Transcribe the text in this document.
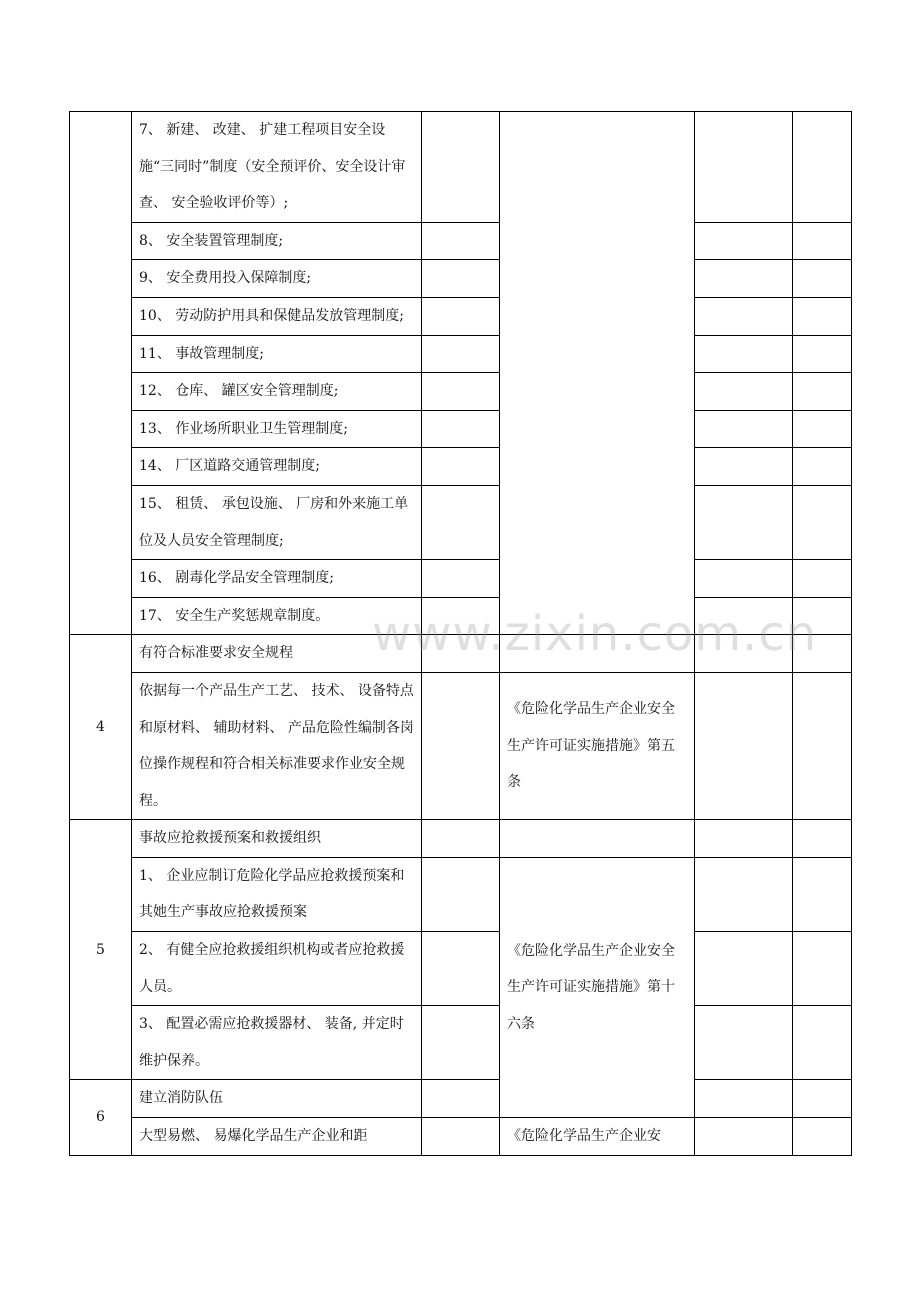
	7、 新建、 改建、 扩建工程项目安全设施“三同时”制度（安全预评价、安全设计审查、 安全验收评价等）;				
	8、 安全装置管理制度;				
	9、 安全费用投入保障制度;				
	10、 劳动防护用具和保健品发放管理制度;				
	11、 事故管理制度;				
	12、 仓库、 罐区安全管理制度;				
	13、 作业场所职业卫生管理制度;				
	14、 厂区道路交通管理制度;				
	15、 租赁、 承包设施、 厂房和外来施工单位及人员安全管理制度;				
	16、 剧毒化学品安全管理制度;				
	17、 安全生产奖惩规章制度。				
4	有符合标准要求安全规程				
	依据每一个产品生产工艺、 技术、 设备特点和原材料、 辅助材料、 产品危险性编制各岗位操作规程和符合相关标准要求作业安全规程。		《危险化学品生产企业安全生产许可证实施措施》第五条		
5	事故应抢救援预案和救援组织				
	1、 企业应制订危险化学品应抢救援预案和其她生产事故应抢救援预案		《危险化学品生产企业安全生产许可证实施措施》第十六条		
	2、 有健全应抢救援组织机构或者应抢救援人员。				
	3、 配置必需应抢救援器材、 装备, 并定时维护保养。				
6	建立消防队伍				
	大型易燃、 易爆化学品生产企业和距		《危险化学品生产企业安		
www.zixin.com.cn
